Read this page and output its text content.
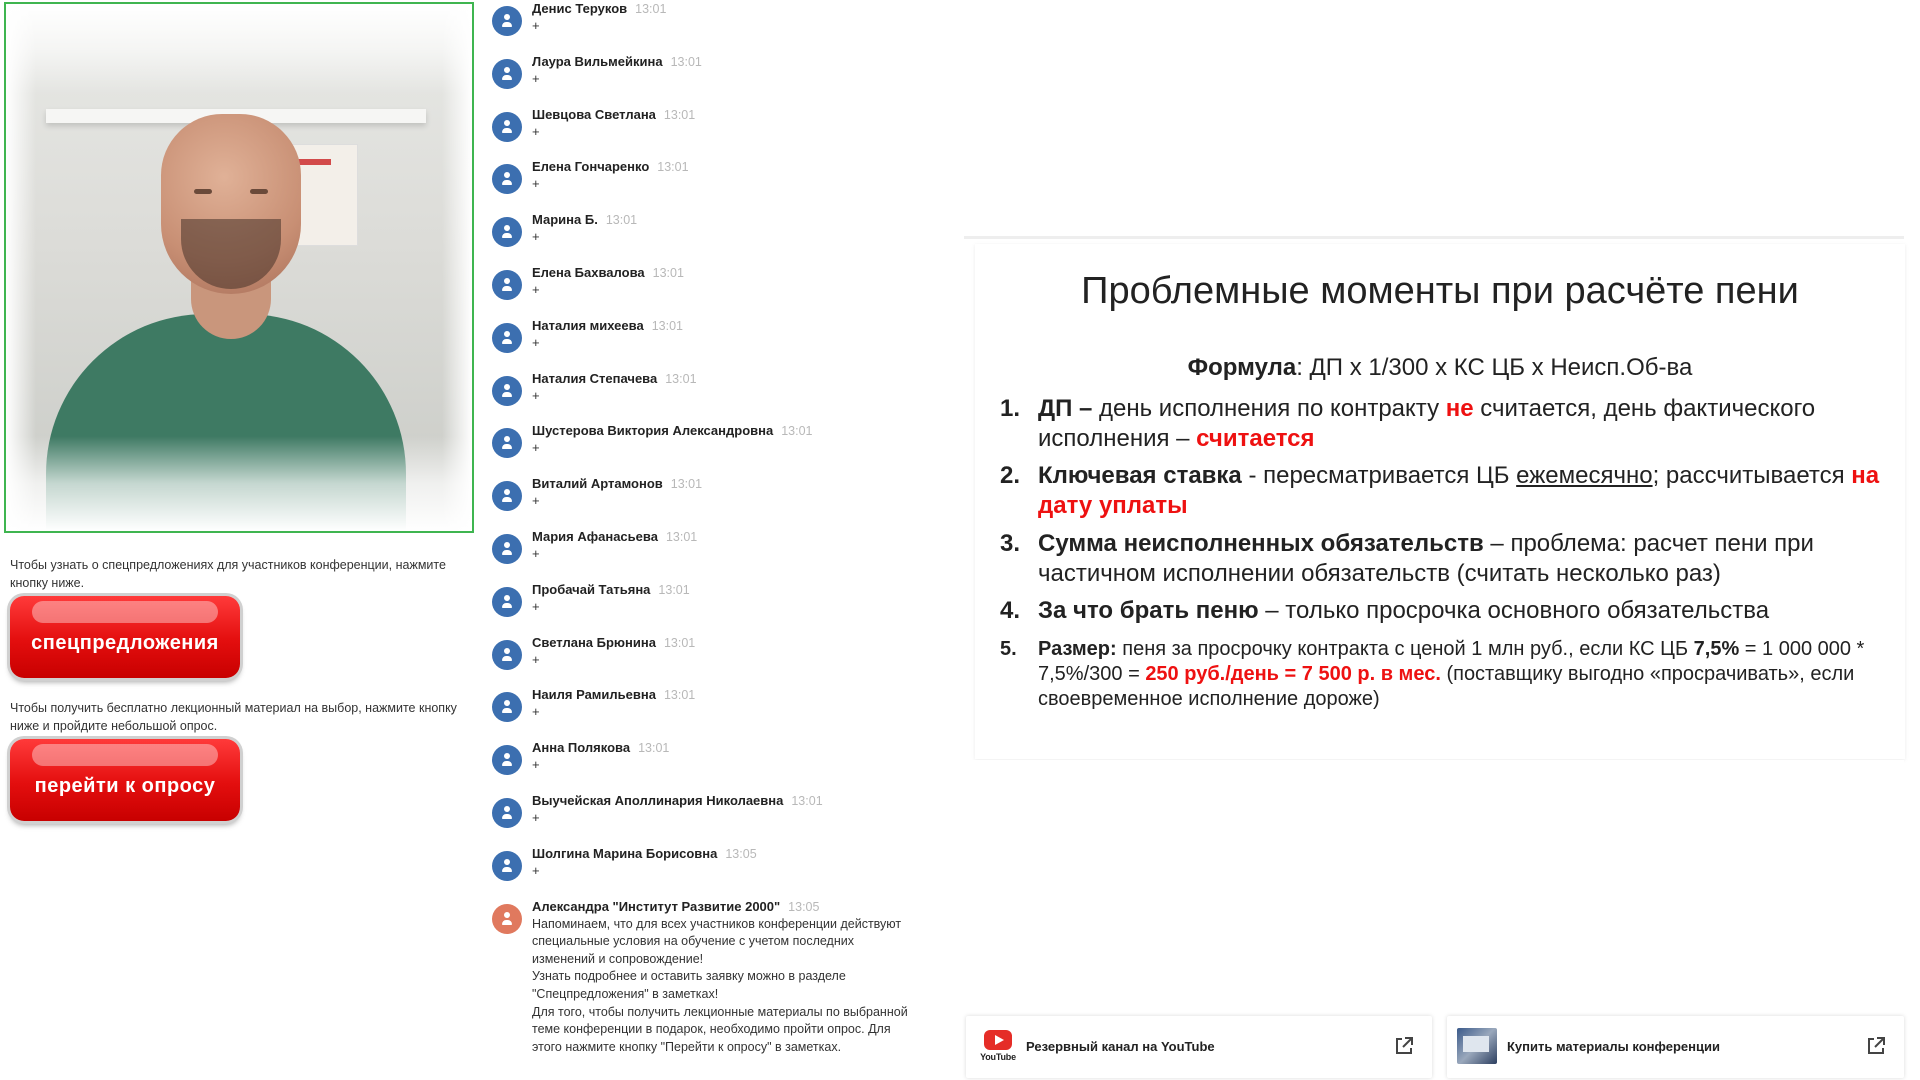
Чтобы узнать о спецпредложениях для участников конференции, нажмите кнопку ниже.

спецпредложения

Чтобы получить бесплатно лекционный материал на выбор, нажмите кнопку ниже и пройдите небольшой опрос.

перейти к опросу
Денис Теруков 13:01
+
Лаура Вильмейкина 13:01
+
Шевцова Светлана 13:01
+
Елена Гончаренко 13:01
+
Марина Б. 13:01
+
Елена Бахвалова 13:01
+
Наталия михеева 13:01
+
Наталия Степачева 13:01
+
Шустерова Виктория Александровна 13:01
+
Виталий Артамонов 13:01
+
Мария Афанасьева 13:01
+
Пробачай Татьяна 13:01
+
Светлана Брюнина 13:01
+
Наиля Рамильевна 13:01
+
Анна Полякова 13:01
+
Выучейская Аполлинария Николаевна 13:01
+
Шолгина Марина Борисовна 13:05
+
Александра "Институт Развитие 2000" 13:05
Напоминаем, что для всех участников конференции действуют
специальные условия на обучение с учетом последних
изменений и сопровождение!
Узнать подробнее и оставить заявку можно в разделе
"Спецпредложения" в заметках!
Для того, чтобы получить лекционные материалы по выбранной
теме конференции в подарок, необходимо пройти опрос. Для
этого нажмите кнопку "Перейти к опросу" в заметках.
Проблемные моменты при расчёте пени
Формула: ДП х 1/300 х КС ЦБ х Неисп.Об-ва
1. ДП – день исполнения по контракту не считается, день фактического исполнения – считается
2. Ключевая ставка - пересматривается ЦБ ежемесячно; рассчитывается на дату уплаты
3. Сумма неисполненных обязательств – проблема: расчет пени при частичном исполнении обязательств (считать несколько раз)
4. За что брать пеню – только просрочка основного обязательства
5. Размер: пеня за просрочку контракта с ценой 1 млн руб., если КС ЦБ 7,5% = 1 000 000 * 7,5%/300 = 250 руб./день = 7 500 р. в мес. (поставщику выгодно «просрачивать», если своевременное исполнение дороже)
YouTube
Резервный канал на YouTube	Купить материалы конференции
